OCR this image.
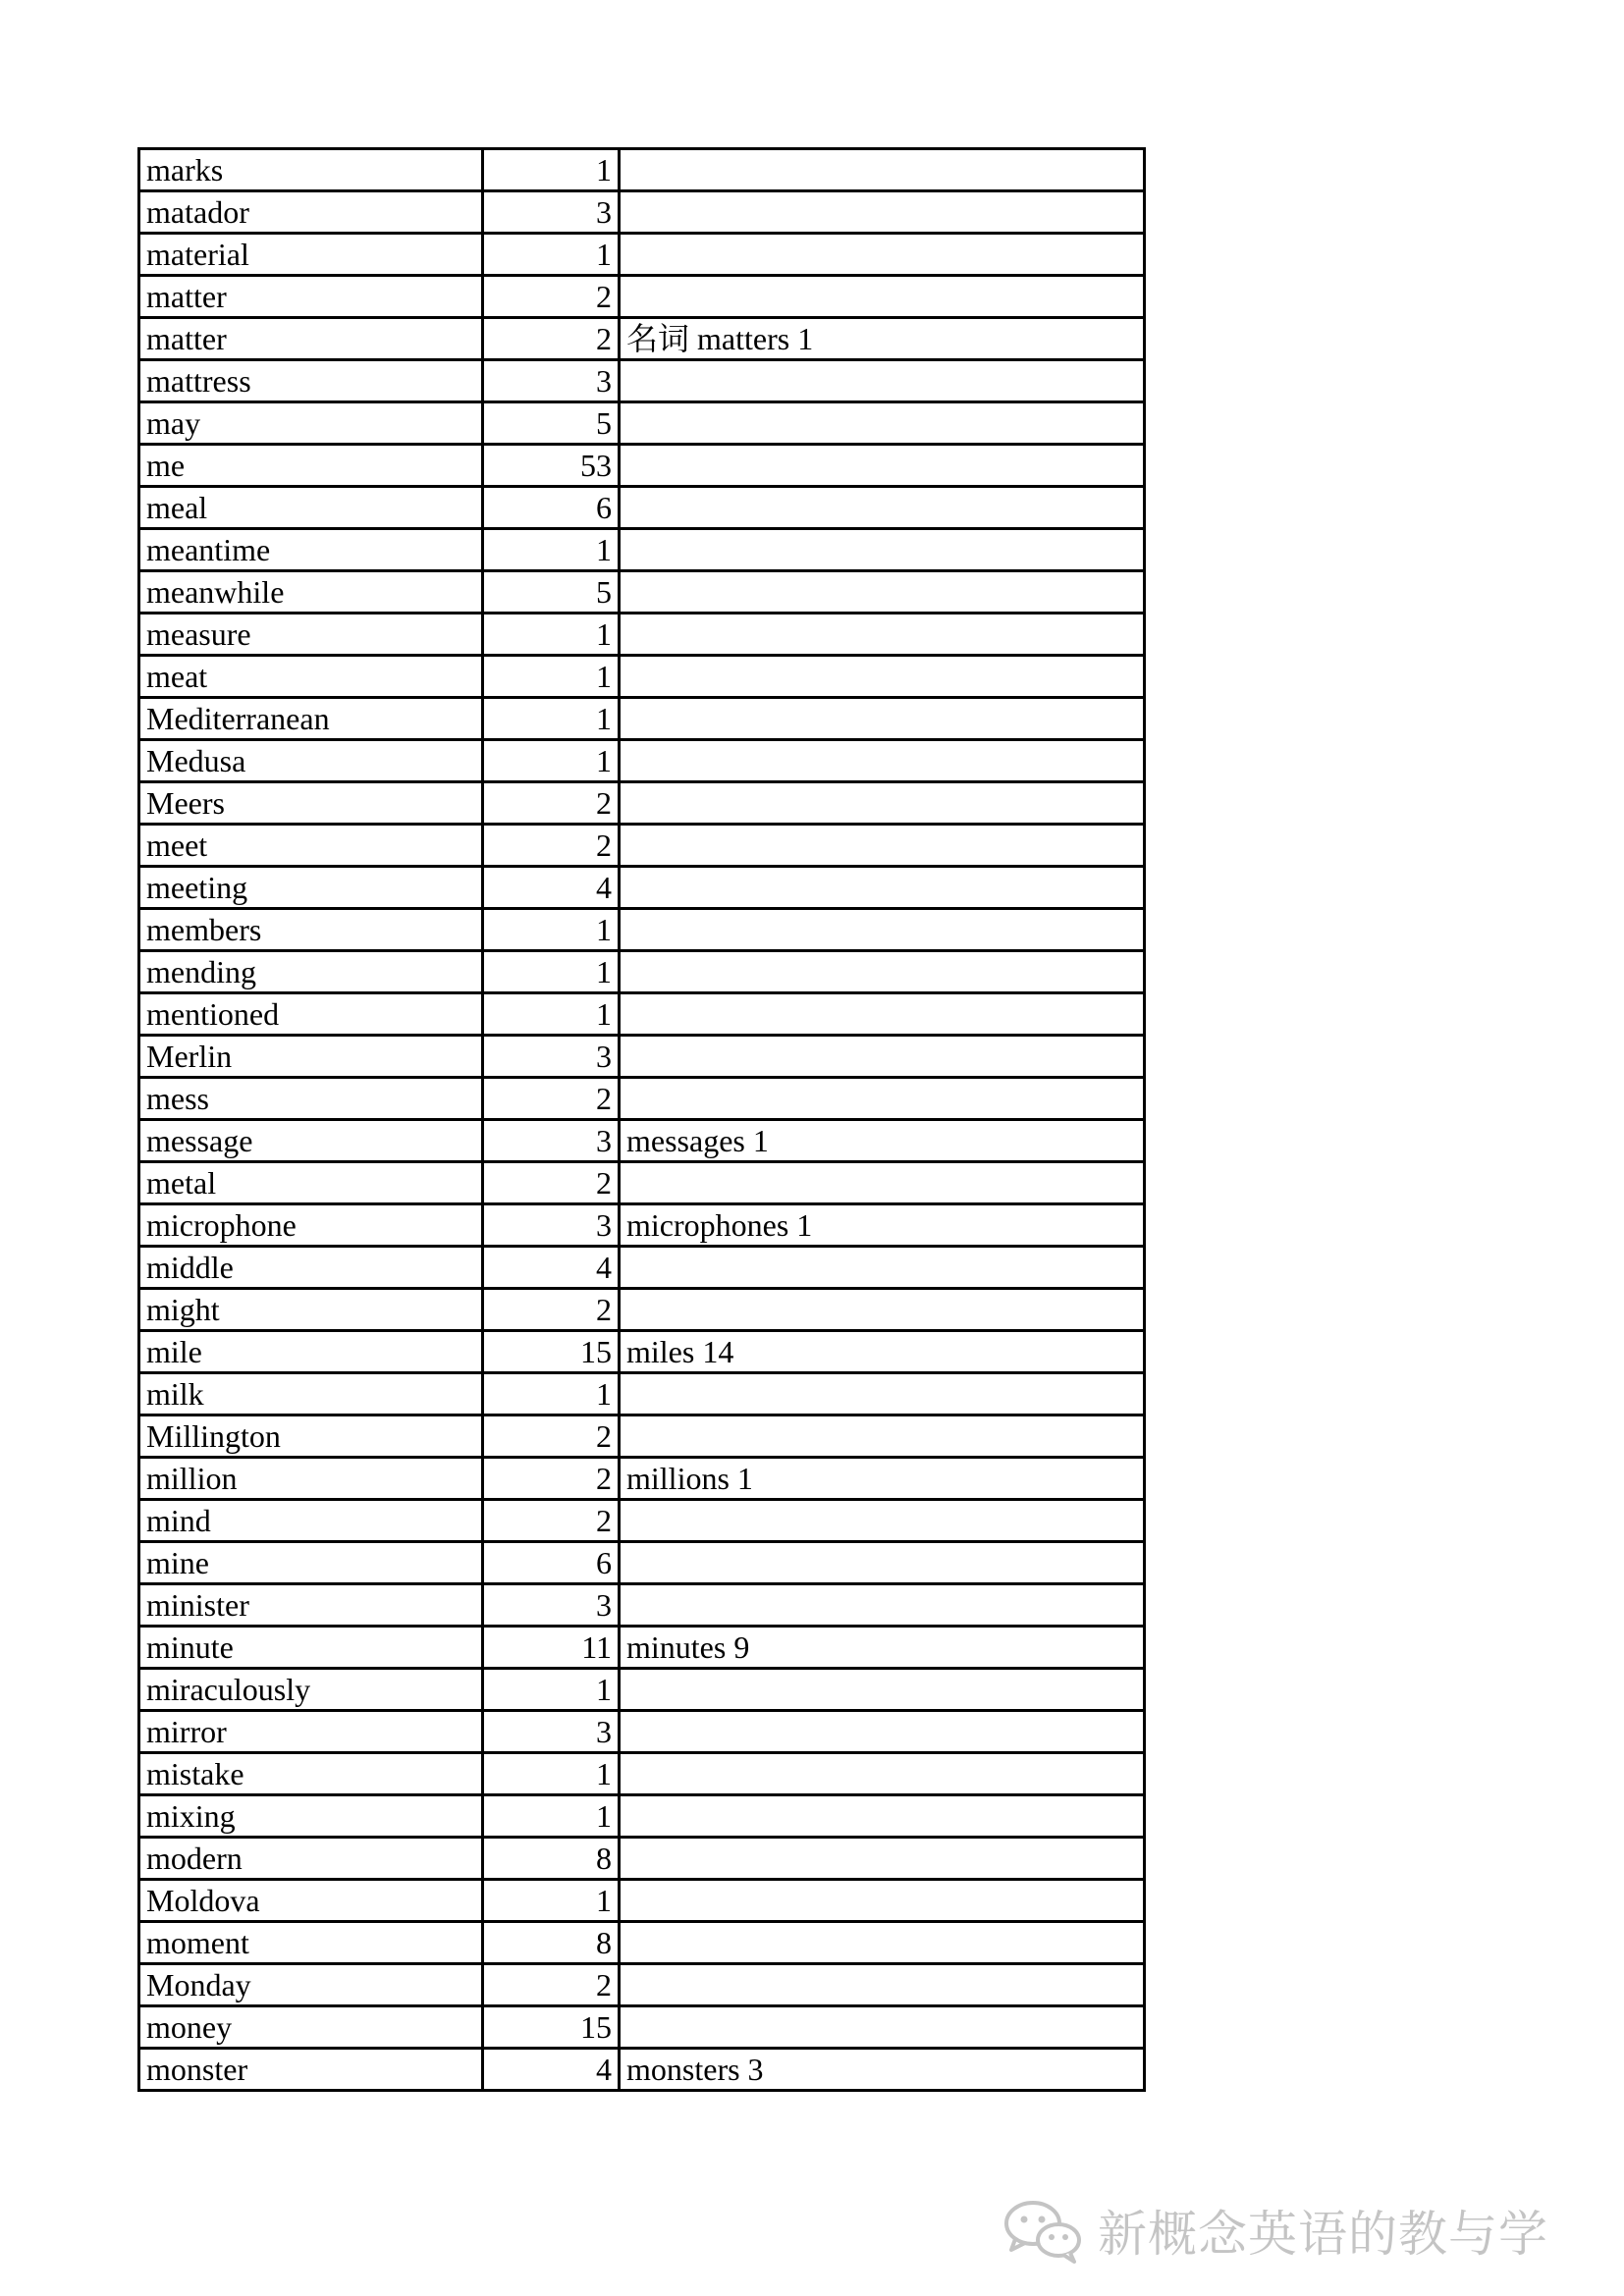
marks	1	
matador	3	
material	1	
matter	2	
matter	2	名词 matters 1
mattress	3	
may	5	
me	53	
meal	6	
meantime	1	
meanwhile	5	
measure	1	
meat	1	
Mediterranean	1	
Medusa	1	
Meers	2	
meet	2	
meeting	4	
members	1	
mending	1	
mentioned	1	
Merlin	3	
mess	2	
message	3	messages 1
metal	2	
microphone	3	microphones 1
middle	4	
might	2	
mile	15	miles 14
milk	1	
Millington	2	
million	2	millions 1
mind	2	
mine	6	
minister	3	
minute	11	minutes 9
miraculously	1	
mirror	3	
mistake	1	
mixing	1	
modern	8	
Moldova	1	
moment	8	
Monday	2	
money	15	
monster	4	monsters 3
新概念英语的教与学
